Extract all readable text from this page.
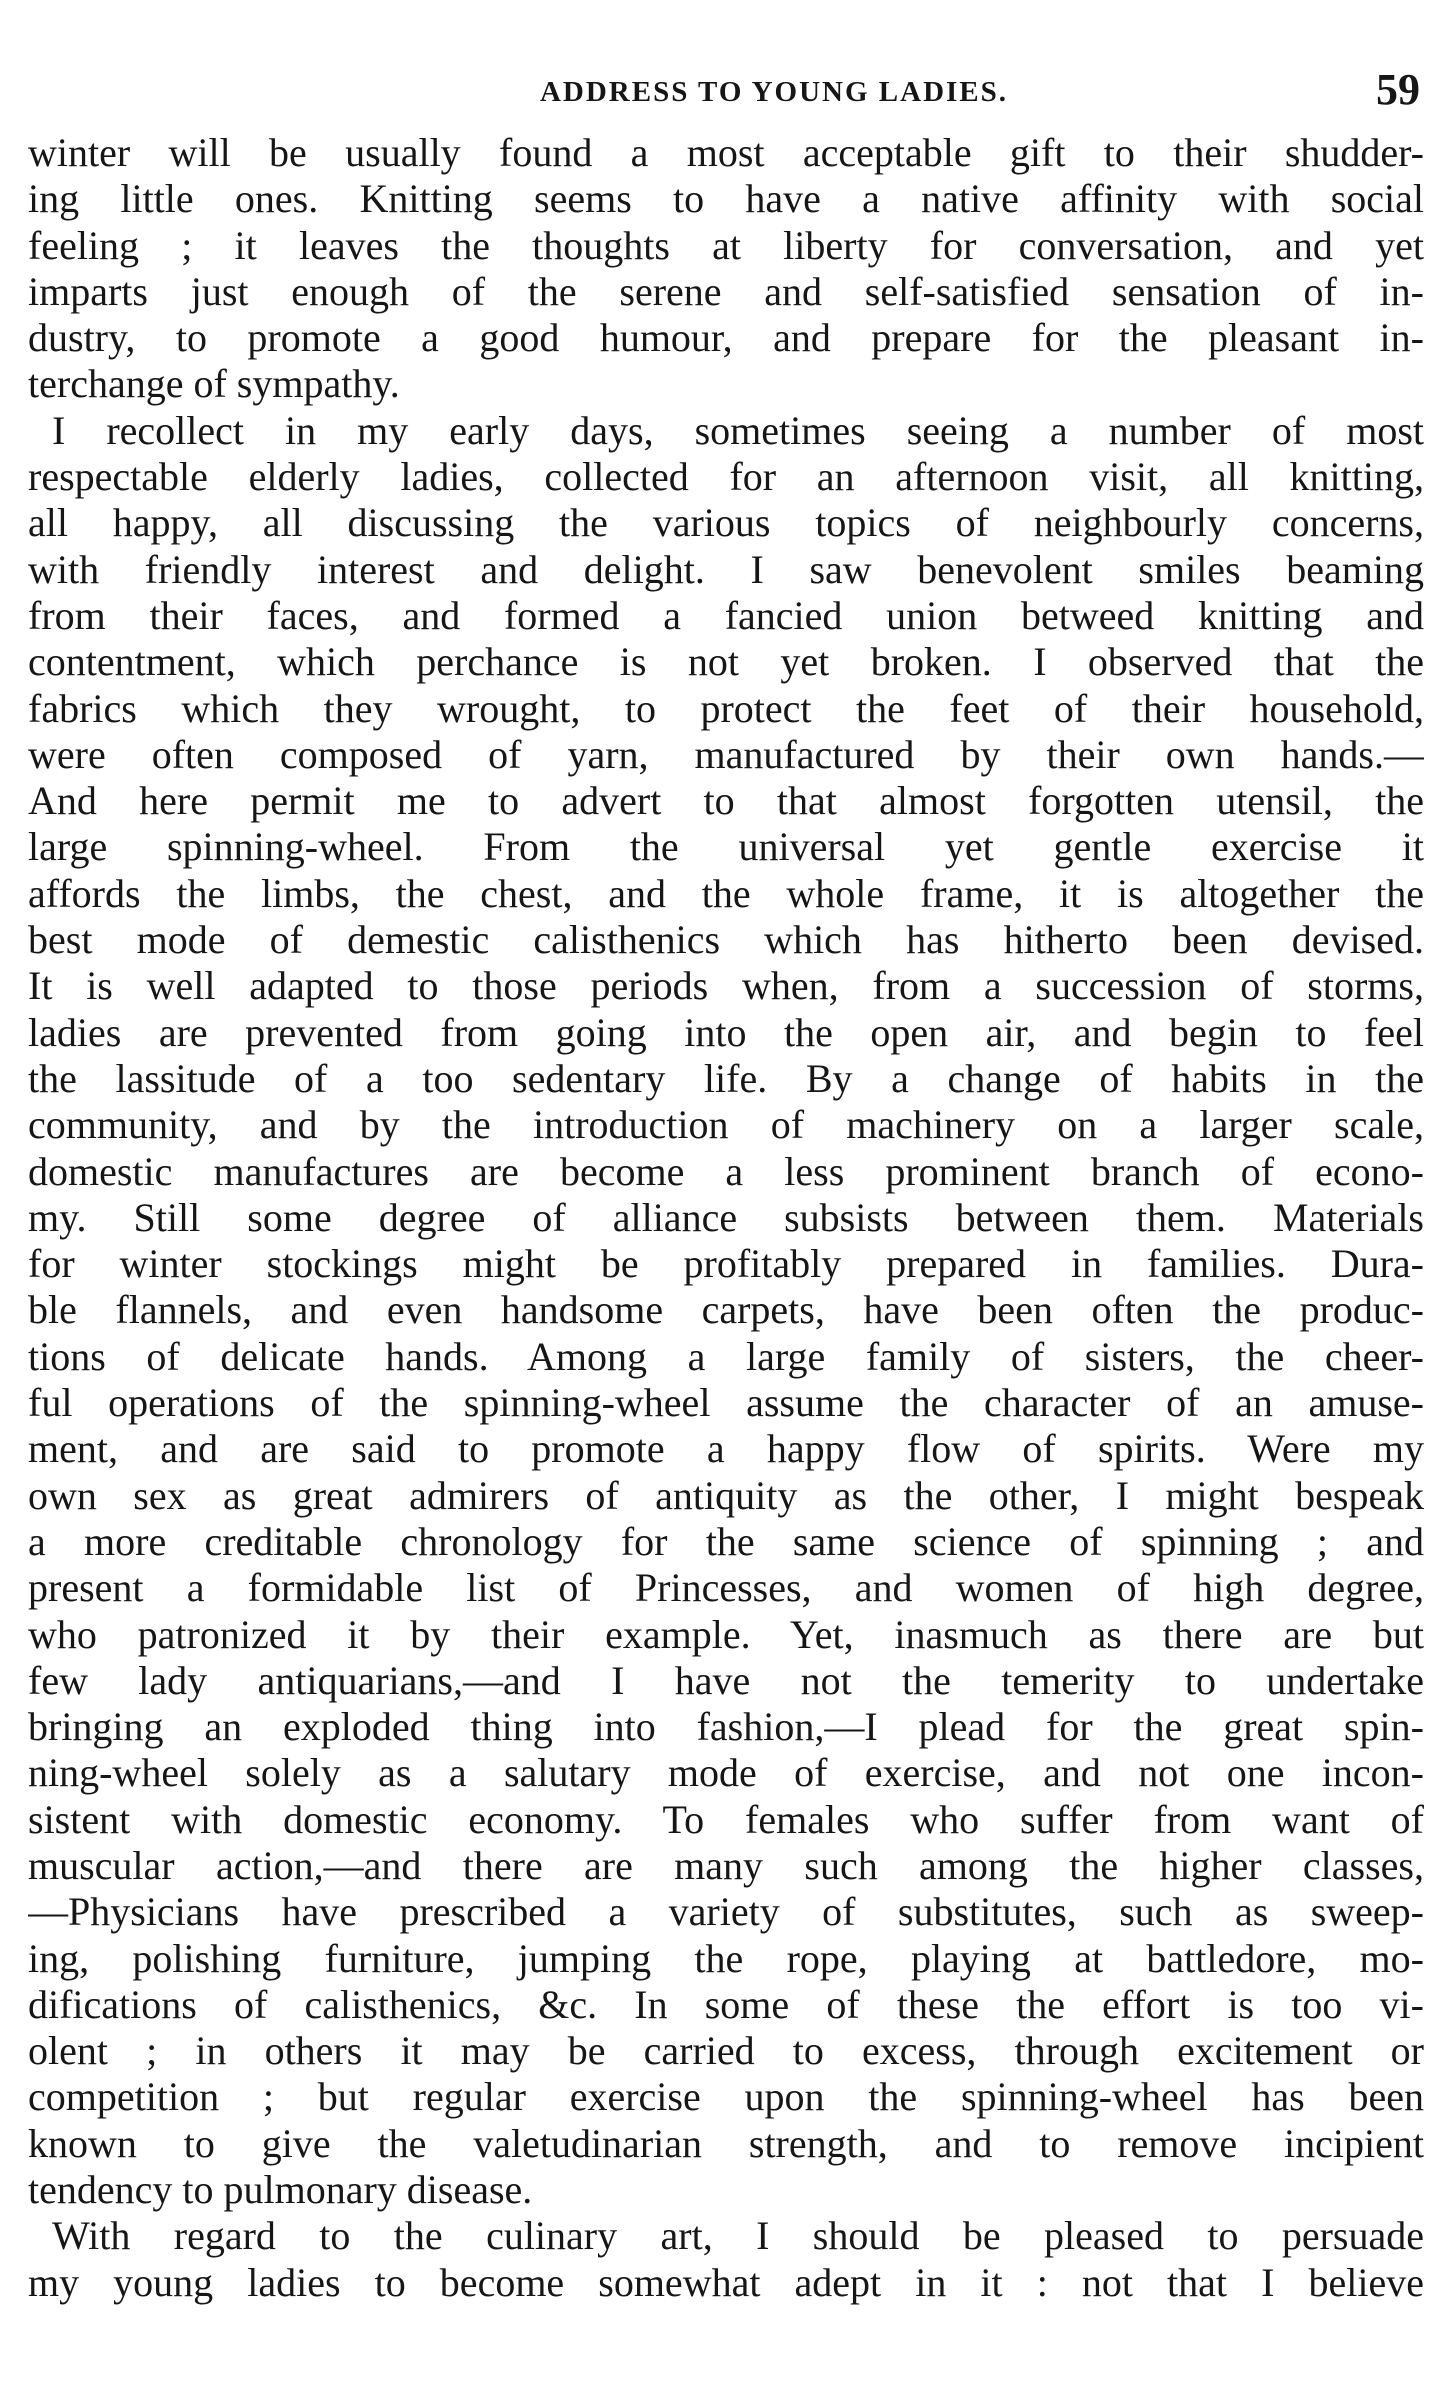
ADDRESS TO YOUNG LADIES.	59
winter will be usually found a most acceptable gift to their shudder-
ing little ones. Knitting seems to have a native affinity with social
feeling ; it leaves the thoughts at liberty for conversation, and yet
imparts just enough of the serene and self-satisfied sensation of in-
dustry, to promote a good humour, and prepare for the pleasant in-
terchange of sympathy.
I recollect in my early days, sometimes seeing a number of most
respectable elderly ladies, collected for an afternoon visit, all knitting,
all happy, all discussing the various topics of neighbourly concerns,
with friendly interest and delight. I saw benevolent smiles beaming
from their faces, and formed a fancied union betweed knitting and
contentment, which perchance is not yet broken. I observed that the
fabrics which they wrought, to protect the feet of their household,
were often composed of yarn, manufactured by their own hands.—
And here permit me to advert to that almost forgotten utensil, the
large spinning-wheel. From the universal yet gentle exercise it
affords the limbs, the chest, and the whole frame, it is altogether the
best mode of demestic calisthenics which has hitherto been devised.
It is well adapted to those periods when, from a succession of storms,
ladies are prevented from going into the open air, and begin to feel
the lassitude of a too sedentary life. By a change of habits in the
community, and by the introduction of machinery on a larger scale,
domestic manufactures are become a less prominent branch of econo-
my. Still some degree of alliance subsists between them. Materials
for winter stockings might be profitably prepared in families. Dura-
ble flannels, and even handsome carpets, have been often the produc-
tions of delicate hands. Among a large family of sisters, the cheer-
ful operations of the spinning-wheel assume the character of an amuse-
ment, and are said to promote a happy flow of spirits. Were my
own sex as great admirers of antiquity as the other, I might bespeak
a more creditable chronology for the same science of spinning ; and
present a formidable list of Princesses, and women of high degree,
who patronized it by their example. Yet, inasmuch as there are but
few lady antiquarians,—and I have not the temerity to undertake
bringing an exploded thing into fashion,—I plead for the great spin-
ning-wheel solely as a salutary mode of exercise, and not one incon-
sistent with domestic economy. To females who suffer from want of
muscular action,—and there are many such among the higher classes,
—Physicians have prescribed a variety of substitutes, such as sweep-
ing, polishing furniture, jumping the rope, playing at battledore, mo-
difications of calisthenics, &c. In some of these the effort is too vi-
olent ; in others it may be carried to excess, through excitement or
competition ; but regular exercise upon the spinning-wheel has been
known to give the valetudinarian strength, and to remove incipient
tendency to pulmonary disease.
With regard to the culinary art, I should be pleased to persuade
my young ladies to become somewhat adept in it : not that I believe
